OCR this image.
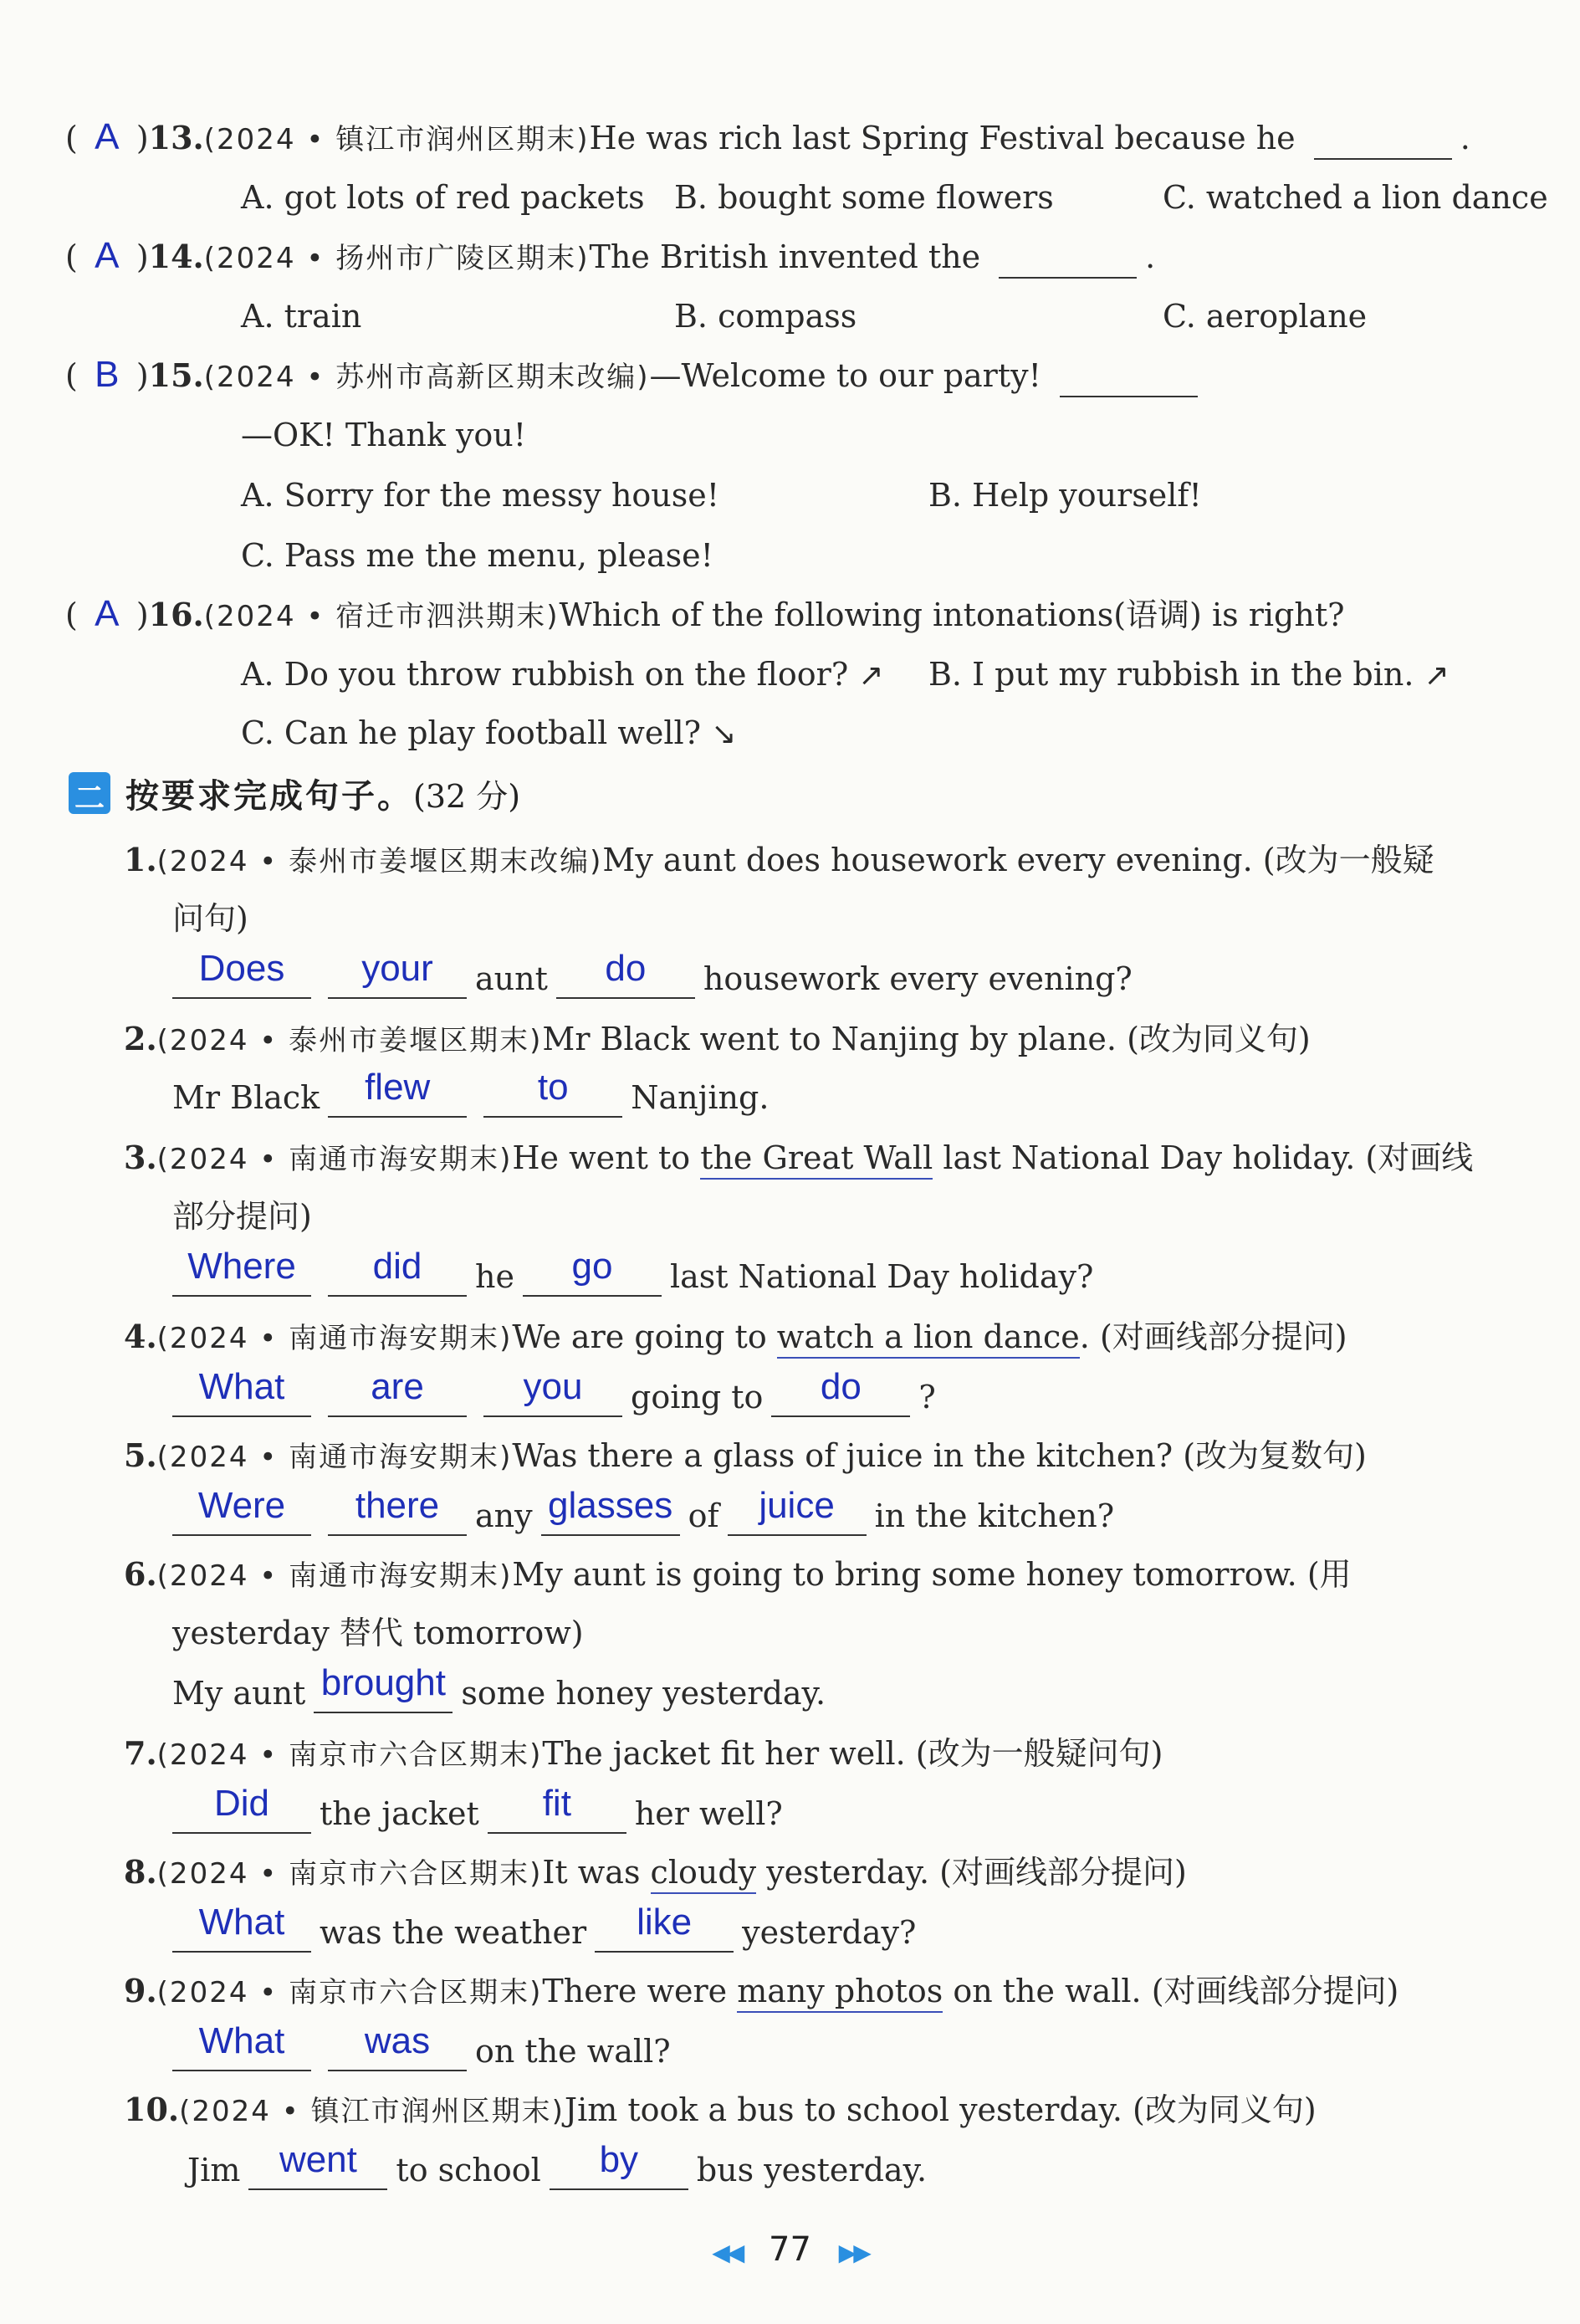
( A )13.(2024 • 镇江市润州区期末)He was rich last Spring Festival because he	.
A. got lots of red packets B. bought some flowers	C. watched a lion dance
( A )14.(2024 • 扬州市广陵区期末)The British invented the	.
A. train	B. compass	C. aeroplane
( B )15.(2024 • 苏州市高新区期末改编)—Welcome to our party!
—OK! Thank you!
A. Sorry for the messy house!	B. Help yourself!
C. Pass me the menu, please!
( A )16.(2024 • 宿迁市泗洪期末)Which of the following intonations(语调) is right?
A. Do you throw rubbish on the floor? ↗ B. I put my rubbish in the bin. ↗
C. Can he play football well? ↘
二 按要求完成句子。(32 分)
1.(2024 • 泰州市姜堰区期末改编)My aunt does housework every evening. (改为一般疑
问句)
Does your aunt do housework every evening?
2.(2024 • 泰州市姜堰区期末)Mr Black went to Nanjing by plane. (改为同义句)
Mr Black flew	to Nanjing.
3.(2024 • 南通市海安期末)He went to the Great Wall last National Day holiday. (对画线
部分提问)
Where did he go last National Day holiday?
4.(2024 • 南通市海安期末)We are going to watch a lion dance. (对画线部分提问)
What are	you going to do ?
5.(2024 • 南通市海安期末)Was there a glass of juice in the kitchen? (改为复数句)
Were there any glasses of juice in the kitchen?
6.(2024 • 南通市海安期末)My aunt is going to bring some honey tomorrow. (用
yesterday 替代 tomorrow)
My aunt brought some honey yesterday.
7.(2024 • 南京市六合区期末)The jacket fit her well. (改为一般疑问句)
Did the jacket fit her well?
8.(2024 • 南京市六合区期末)It was cloudy yesterday. (对画线部分提问)
What was the weather like yesterday?
9.(2024 • 南京市六合区期末)There were many photos on the wall. (对画线部分提问)
What was on the wall?
10.(2024 • 镇江市润州区期末)Jim took a bus to school yesterday. (改为同义句)
Jim went to school by bus yesterday.
◀◀ 77 ▶▶
